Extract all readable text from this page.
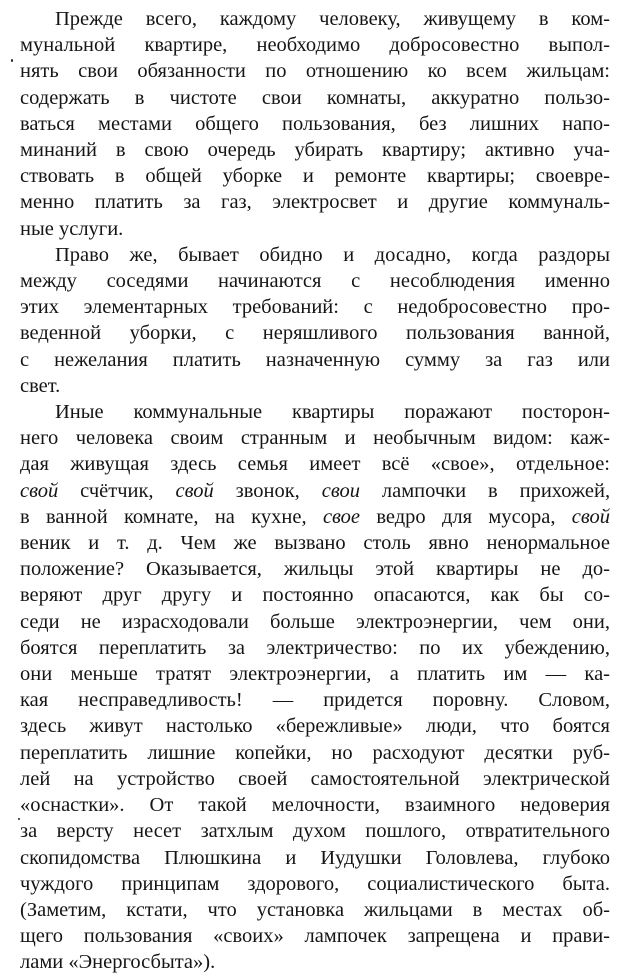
Прежде всего, каждому человеку, живущему в ком-
мунальной квартире, необходимо добросовестно выпол-
нять свои обязанности по отношению ко всем жильцам:
содержать в чистоте свои комнаты, аккуратно пользо-
ваться местами общего пользования, без лишних напо-
минаний в свою очередь убирать квартиру; активно уча-
ствовать в общей уборке и ремонте квартиры; своевре-
менно платить за газ, электросвет и другие коммуналь-
ные услуги.
Право же, бывает обидно и досадно, когда раздоры
между соседями начинаются с несоблюдения именно
этих элементарных требований: с недобросовестно про-
веденной уборки, с неряшливого пользования ванной,
с нежелания платить назначенную сумму за газ или
свет.
Иные коммунальные квартиры поражают посторон-
него человека своим странным и необычным видом: каж-
дая живущая здесь семья имеет всё «свое», отдельное:
свой счётчик, свой звонок, свои лампочки в прихожей,
в ванной комнате, на кухне, свое ведро для мусора, свой
веник и т. д. Чем же вызвано столь явно ненормальное
положение? Оказывается, жильцы этой квартиры не до-
веряют друг другу и постоянно опасаются, как бы со-
седи не израсходовали больше электроэнергии, чем они,
боятся переплатить за электричество: по их убеждению,
они меньше тратят электроэнергии, а платить им — ка-
кая несправедливость! — придется поровну. Словом,
здесь живут настолько «бережливые» люди, что боятся
переплатить лишние копейки, но расходуют десятки руб-
лей на устройство своей самостоятельной электрической
«оснастки». От такой мелочности, взаимного недоверия
за версту несет затхлым духом пошлого, отвратительного
скопидомства Плюшкина и Иудушки Головлева, глубоко
чуждого принципам здорового, социалистического быта.
(Заметим, кстати, что установка жильцами в местах об-
щего пользования «своих» лампочек запрещена и прави-
лами «Энергосбыта»).
